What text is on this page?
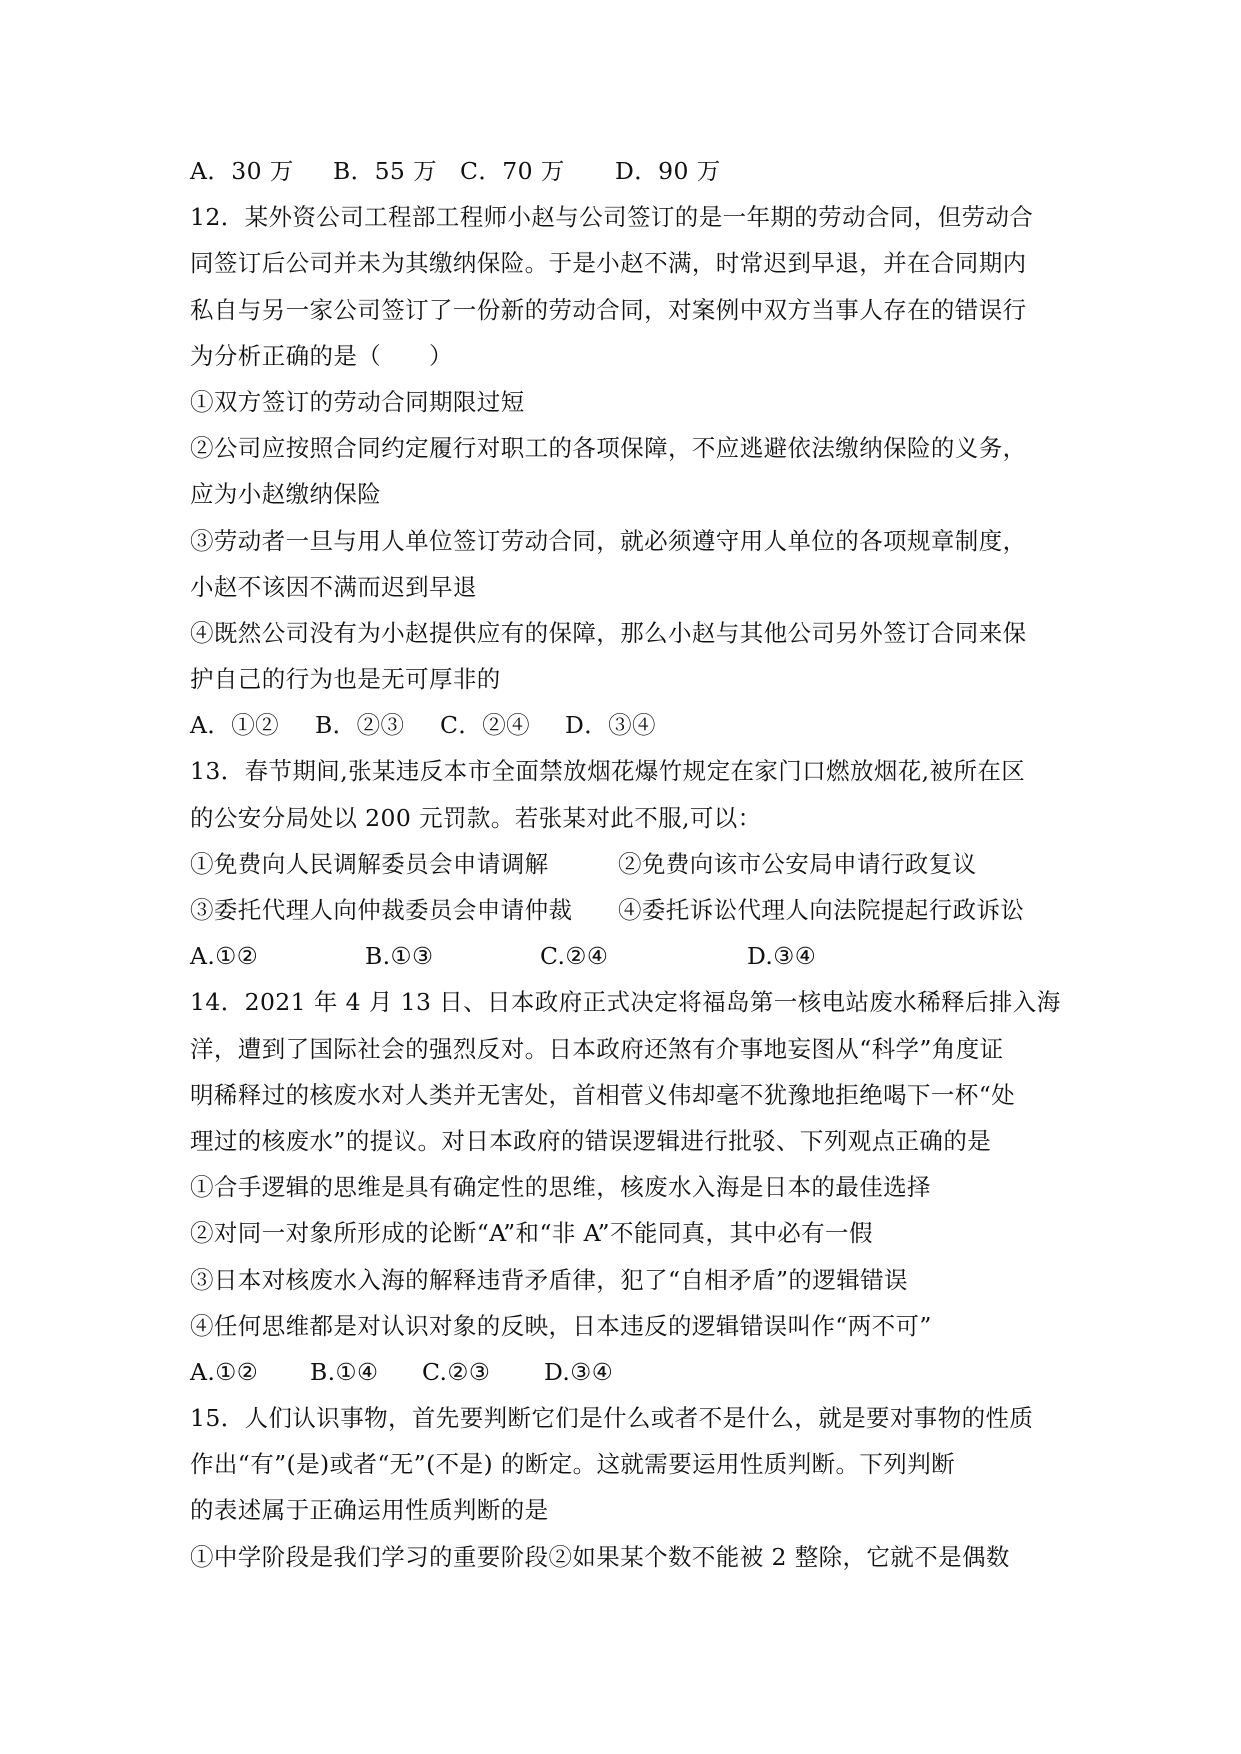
A．30 万 B．55 万 C．70 万 D．90 万
12．某外资公司工程部工程师小赵与公司签订的是一年期的劳动合同，但劳动合
同签订后公司并未为其缴纳保险。于是小赵不满，时常迟到早退，并在合同期内
私自与另一家公司签订了一份新的劳动合同，对案例中双方当事人存在的错误行
为分析正确的是（　　）
①双方签订的劳动合同期限过短
②公司应按照合同约定履行对职工的各项保障，不应逃避依法缴纳保险的义务，
应为小赵缴纳保险
③劳动者一旦与用人单位签订劳动合同，就必须遵守用人单位的各项规章制度，
小赵不该因不满而迟到早退
④既然公司没有为小赵提供应有的保障，那么小赵与其他公司另外签订合同来保
护自己的行为也是无可厚非的
A．①② B．②③ C．②④ D．③④
13．春节期间,张某违反本市全面禁放烟花爆竹规定在家门口燃放烟花,被所在区
的公安分局处以 200 元罚款。若张某对此不服,可以：
①免费向人民调解委员会申请调解	②免费向该市公安局申请行政复议
③委托代理人向仲裁委员会申请仲裁 ④委托诉讼代理人向法院提起行政诉讼
A.①②	B.①③	C.②④	D.③④
14．2021 年 4 月 13 日、日本政府正式决定将福岛第一核电站废水稀释后排入海
洋，遭到了国际社会的强烈反对。日本政府还煞有介事地妄图从“科学”角度证
明稀释过的核废水对人类并无害处，首相菅义伟却毫不犹豫地拒绝喝下一杯“处
理过的核废水”的提议。对日本政府的错误逻辑进行批驳、下列观点正确的是
①合手逻辑的思维是具有确定性的思维，核废水入海是日本的最佳选择
②对同一对象所形成的论断“A”和“非 A”不能同真，其中必有一假
③日本对核废水入海的解释违背矛盾律，犯了“自相矛盾”的逻辑错误
④任何思维都是对认识对象的反映，日本违反的逻辑错误叫作“两不可”
A.①② B.①④ C.②③ D.③④
15．人们认识事物，首先要判断它们是什么或者不是什么，就是要对事物的性质
作出“有”(是)或者“无”(不是) 的断定。这就需要运用性质判断。下列判断
的表述属于正确运用性质判断的是
①中学阶段是我们学习的重要阶段②如果某个数不能被 2 整除，它就不是偶数
